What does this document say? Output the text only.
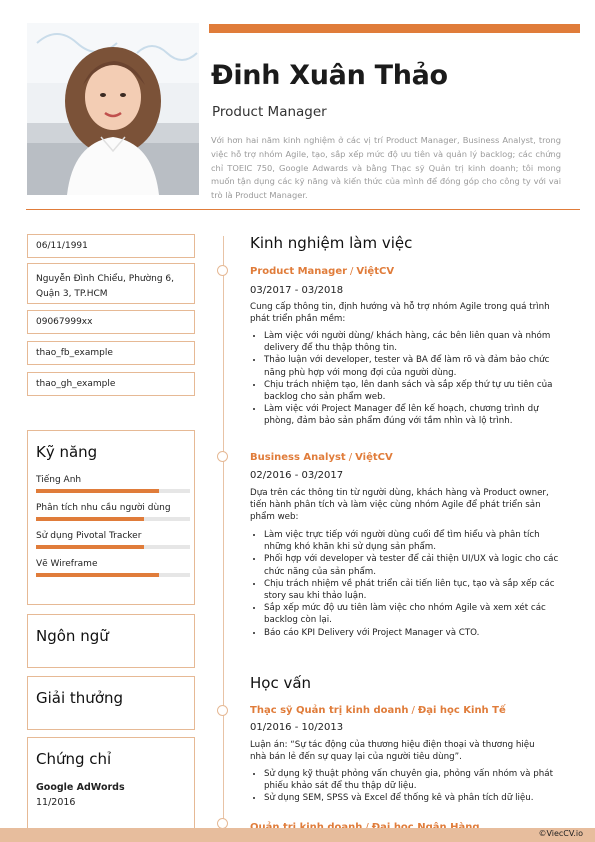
Đinh Xuân Thảo
Product Manager
Với hơn hai năm kinh nghiệm ở các vị trí Product Manager, Business Analyst, trong việc hỗ trợ nhóm Agile, tạo, sắp xếp mức độ ưu tiên và quản lý backlog; các chứng chỉ TOEIC 750, Google Adwards và bằng Thạc sỹ Quản trị kinh doanh; tôi mong muốn tận dụng các kỹ năng và kiến thức của mình để đóng góp cho công ty với vai trò là Product Manager.
06/11/1991
Nguyễn Đình Chiểu, Phường 6, Quận 3, TP.HCM
09067999xx
thao_fb_example
thao_gh_example
Kỹ năng
Tiếng Anh
Phân tích nhu cầu người dùng
Sử dụng Pivotal Tracker
Vẽ Wireframe
Ngôn ngữ
Giải thưởng
Chứng chỉ
Google AdWords
11/2016
Kinh nghiệm làm việc
Product Manager / ViệtCV
03/2017 - 03/2018
Cung cấp thông tin, định hướng và hỗ trợ nhóm Agile trong quá trình phát triển phần mềm:
• Làm việc với người dùng/ khách hàng, các bên liên quan và nhóm delivery để thu thập thông tin.
• Thảo luận với developer, tester và BA để làm rõ và đảm bảo chức năng phù hợp với mong đợi của người dùng.
• Chịu trách nhiệm tạo, lên danh sách và sắp xếp thứ tự ưu tiên của backlog cho sản phẩm web.
• Làm việc với Project Manager để lên kế hoạch, chương trình dự phòng, đảm bảo sản phẩm đúng với tầm nhìn và lộ trình.
Business Analyst / ViệtCV
02/2016 - 03/2017
Dựa trên các thông tin từ người dùng, khách hàng và Product owner, tiến hành phân tích và làm việc cùng nhóm Agile để phát triển sản phẩm web:
• Làm việc trực tiếp với người dùng cuối để tìm hiểu và phân tích những khó khăn khi sử dụng sản phẩm.
• Phối hợp với developer và tester để cải thiện UI/UX và logic cho các chức năng của sản phẩm.
• Chịu trách nhiệm về phát triển cải tiến liên tục, tạo và sắp xếp các story sau khi thảo luận.
• Sắp xếp mức độ ưu tiên làm việc cho nhóm Agile và xem xét các backlog còn lại.
• Báo cáo KPI Delivery với Project Manager và CTO.
Học vấn
Thạc sỹ Quản trị kinh doanh / Đại học Kinh Tế
01/2016 - 10/2013
Luận án: “Sự tác động của thương hiệu điện thoại và thương hiệu nhà bán lẻ đến sự quay lại của người tiêu dùng”.
• Sử dụng kỹ thuật phỏng vấn chuyên gia, phỏng vấn nhóm và phát phiếu khảo sát để thu thập dữ liệu.
• Sử dụng SEM, SPSS và Excel để thống kê và phân tích dữ liệu.
©ViecCV.io
